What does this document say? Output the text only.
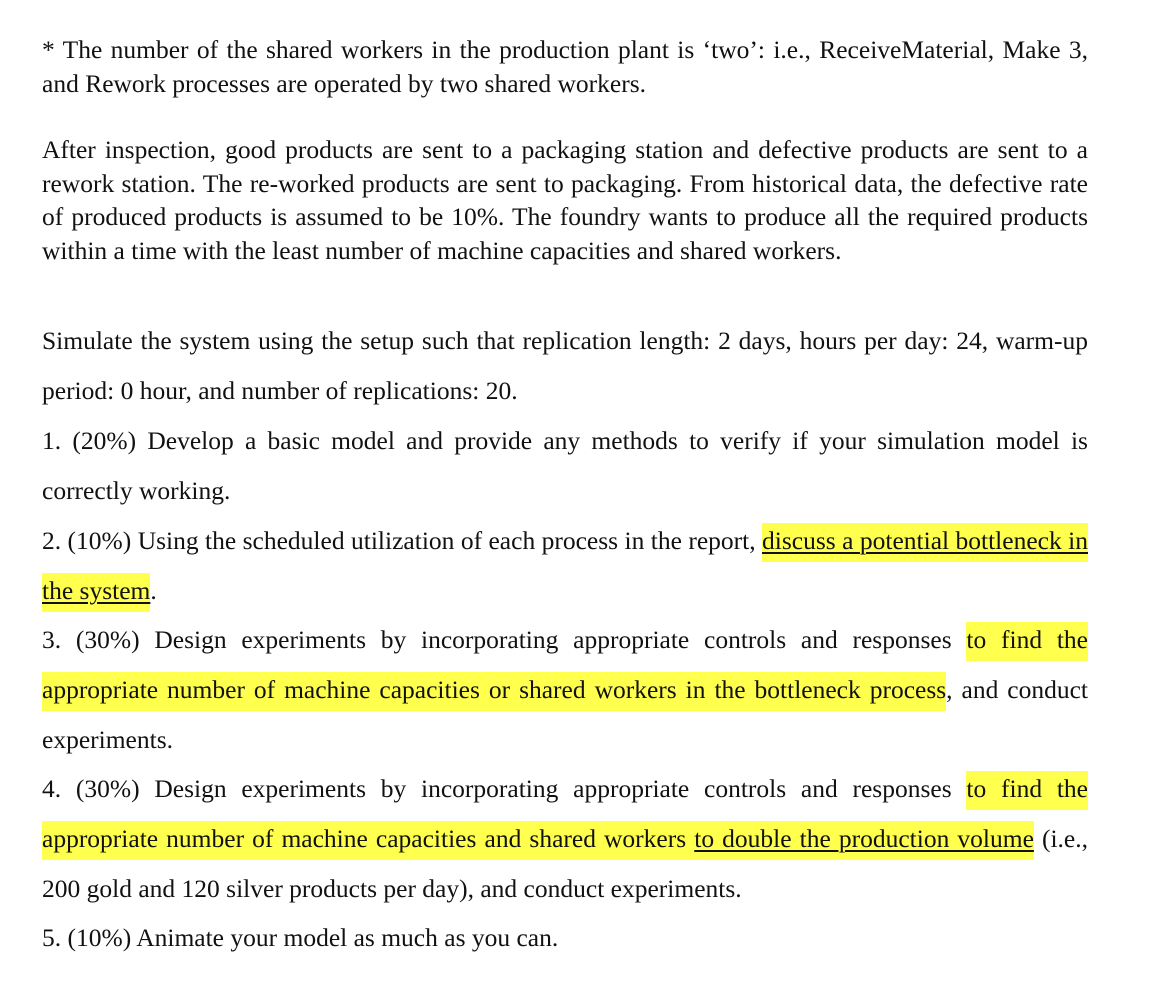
* The number of the shared workers in the production plant is ‘two’: i.e., ReceiveMaterial, Make 3, and Rework processes are operated by two shared workers.

After inspection, good products are sent to a packaging station and defective products are sent to a rework station. The re-worked products are sent to packaging. From historical data, the defective rate of produced products is assumed to be 10%. The foundry wants to produce all the required products within a time with the least number of machine capacities and shared workers.

Simulate the system using the setup such that replication length: 2 days, hours per day: 24, warm-up period: 0 hour, and number of replications: 20.

1. (20%) Develop a basic model and provide any methods to verify if your simulation model is correctly working.

2. (10%) Using the scheduled utilization of each process in the report, discuss a potential bottleneck in the system.

3. (30%) Design experiments by incorporating appropriate controls and responses to find the appropriate number of machine capacities or shared workers in the bottleneck process, and conduct experiments.

4. (30%) Design experiments by incorporating appropriate controls and responses to find the appropriate number of machine capacities and shared workers to double the production volume (i.e., 200 gold and 120 silver products per day), and conduct experiments.

5. (10%) Animate your model as much as you can.
